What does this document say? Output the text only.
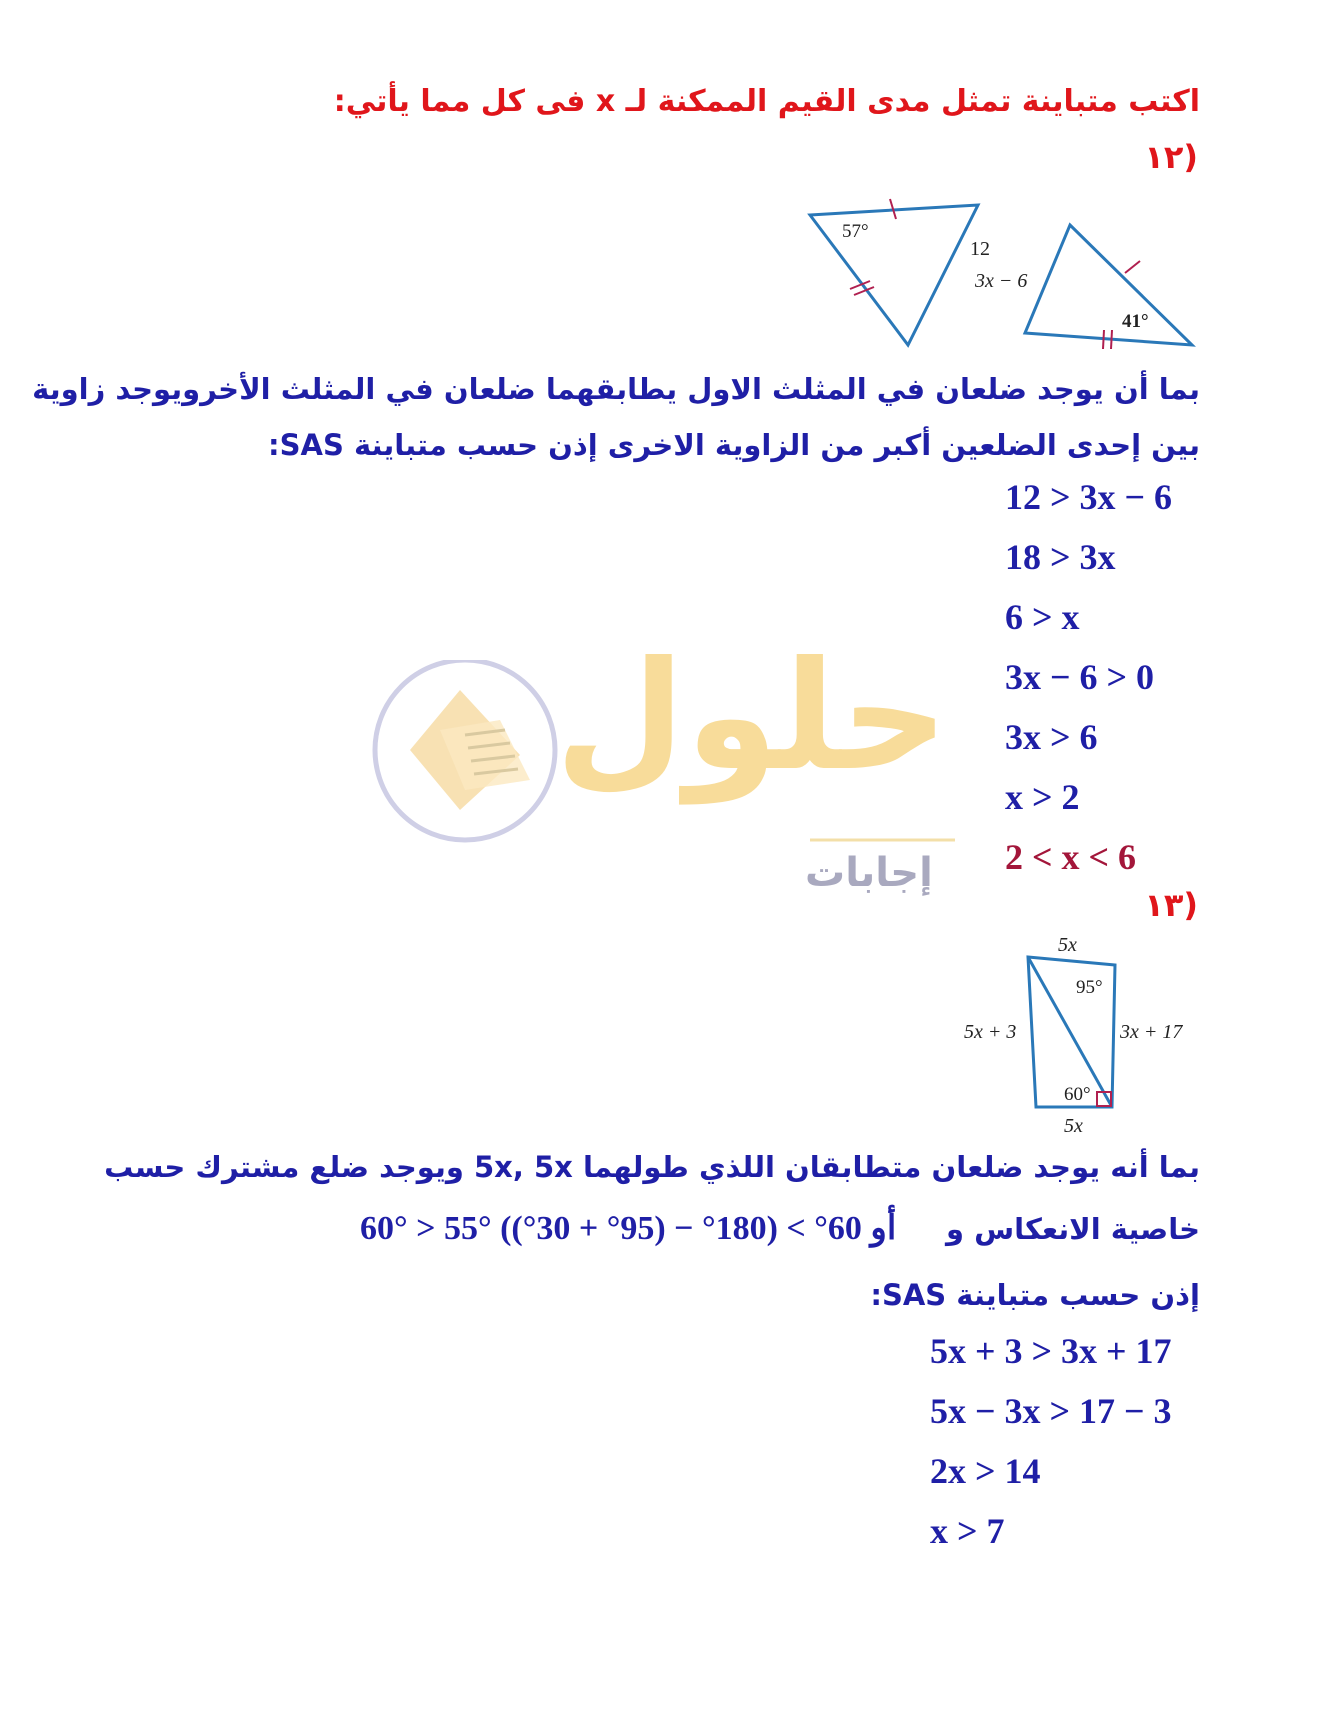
حلول
إجابات
اكتب متباينة تمثل مدى القيم الممكنة لـ x فى كل مما يأتي:
١٢)
57°
12
3x − 6
41°
بما أن يوجد ضلعان في المثلث الاول يطابقهما ضلعان في المثلث الأخرويوجد زاوية
بين إحدى الضلعين أكبر من الزاوية الاخرى إذن حسب متباينة SAS:
12 > 3x − 6
18 > 3x
6 > x
3x − 6 > 0
3x > 6
x > 2
2 < x < 6
١٣)
5x
95°
5x + 3	3x + 17
60°
5x
بما أنه يوجد ضلعان متطابقان اللذي طولهما 5x, 5x ويوجد ضلع مشترك حسب
خاصية الانعكاس و
60° > 55° أو 60° > (180° − (95° + 30°))
إذن حسب متباينة SAS:
5x + 3 > 3x + 17
5x − 3x > 17 − 3
2x > 14
x > 7
